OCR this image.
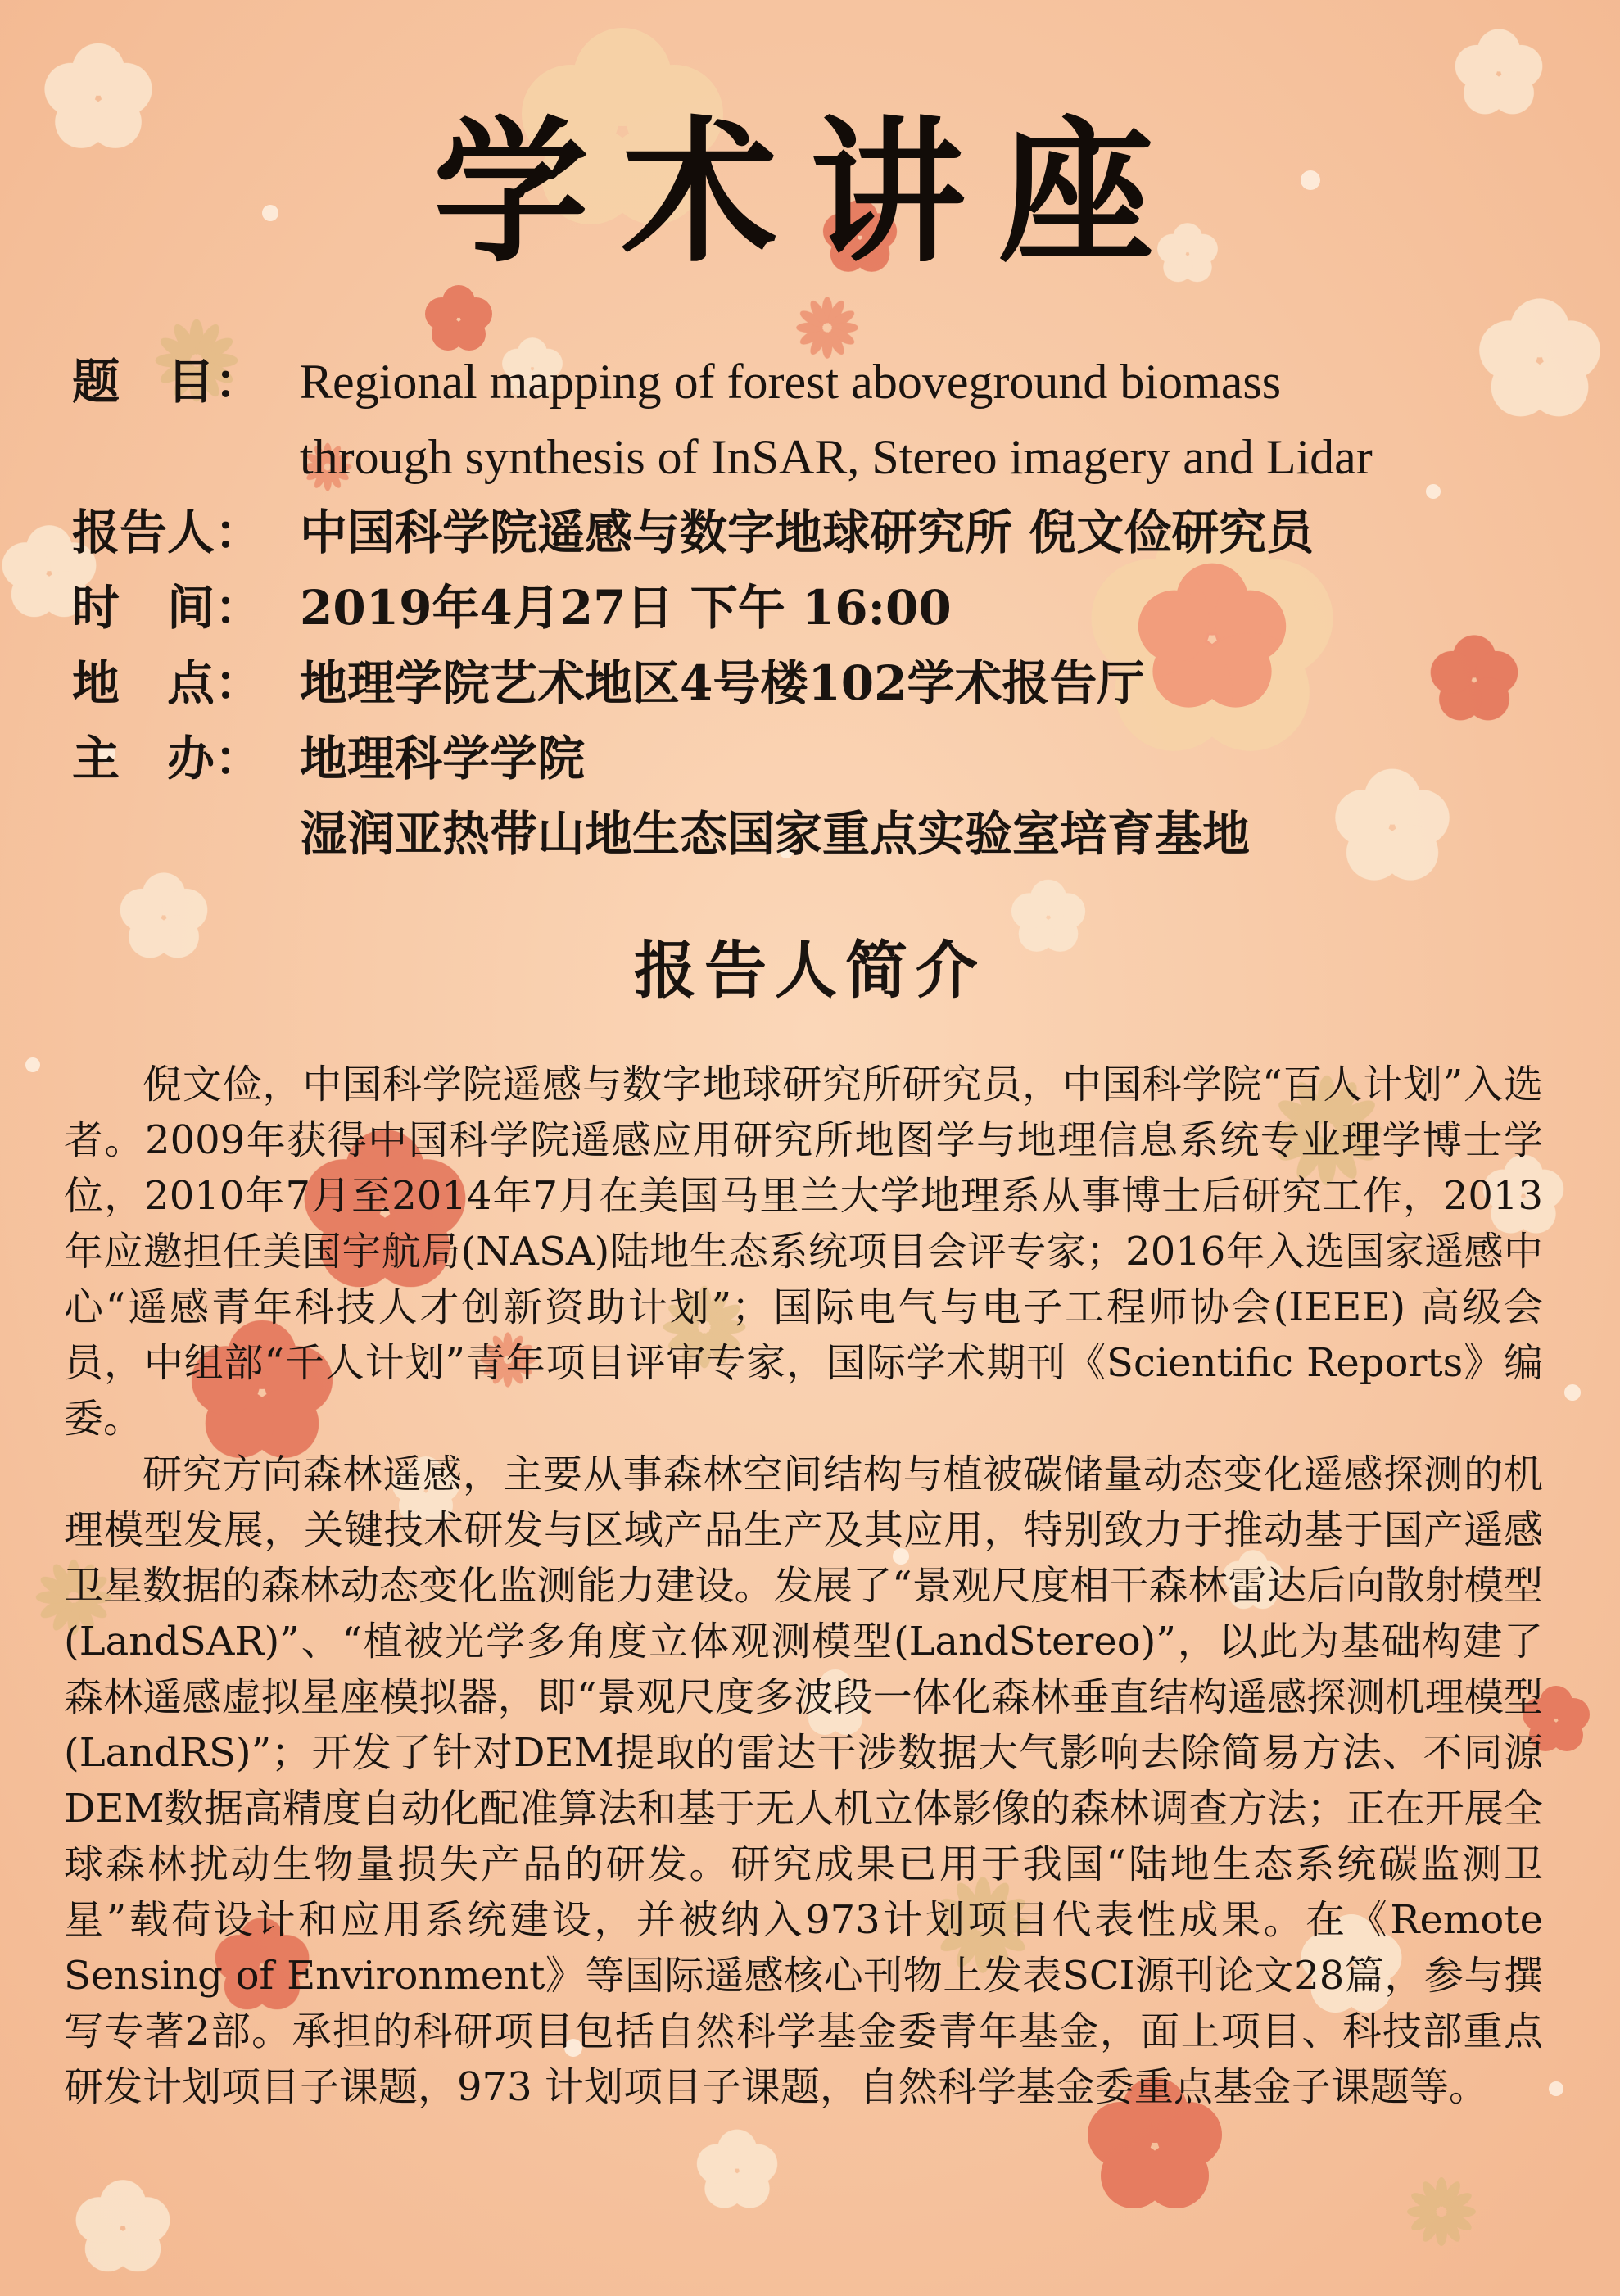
学术讲座
题　目： Regional mapping of forest aboveground biomass
through synthesis of InSAR, Stereo imagery and Lidar
报告人： 中国科学院遥感与数字地球研究所 倪文俭研究员
时　间： 2019年4月27日 下午 16:00
地　点： 地理学院艺术地区4号楼102学术报告厅
主　办： 地理科学学院
湿润亚热带山地生态国家重点实验室培育基地
报告人简介

倪文俭，中国科学院遥感与数字地球研究所研究员，中国科学院“百人计划”入选者。2009年获得中国科学院遥感应用研究所地图学与地理信息系统专业理学博士学位，2010年7月至2014年7月在美国马里兰大学地理系从事博士后研究工作，2013年应邀担任美国宇航局(NASA)陆地生态系统项目会评专家；2016年入选国家遥感中心“遥感青年科技人才创新资助计划”；国际电气与电子工程师协会(IEEE) 高级会员，中组部“千人计划”青年项目评审专家，国际学术期刊《Scientific Reports》编委。

研究方向森林遥感，主要从事森林空间结构与植被碳储量动态变化遥感探测的机理模型发展，关键技术研发与区域产品生产及其应用，特别致力于推动基于国产遥感卫星数据的森林动态变化监测能力建设。发展了“景观尺度相干森林雷达后向散射模型(LandSAR)”、“植被光学多角度立体观测模型(LandStereo)”，以此为基础构建了森林遥感虚拟星座模拟器，即“景观尺度多波段一体化森林垂直结构遥感探测机理模型(LandRS)”；开发了针对DEM提取的雷达干涉数据大气影响去除简易方法、不同源DEM数据高精度自动化配准算法和基于无人机立体影像的森林调查方法；正在开展全球森林扰动生物量损失产品的研发。研究成果已用于我国“陆地生态系统碳监测卫星”载荷设计和应用系统建设，并被纳入973计划项目代表性成果。在《Remote Sensing of Environment》等国际遥感核心刊物上发表SCI源刊论文28篇，参与撰写专著2部。承担的科研项目包括自然科学基金委青年基金，面上项目、科技部重点研发计划项目子课题，973 计划项目子课题，自然科学基金委重点基金子课题等。
